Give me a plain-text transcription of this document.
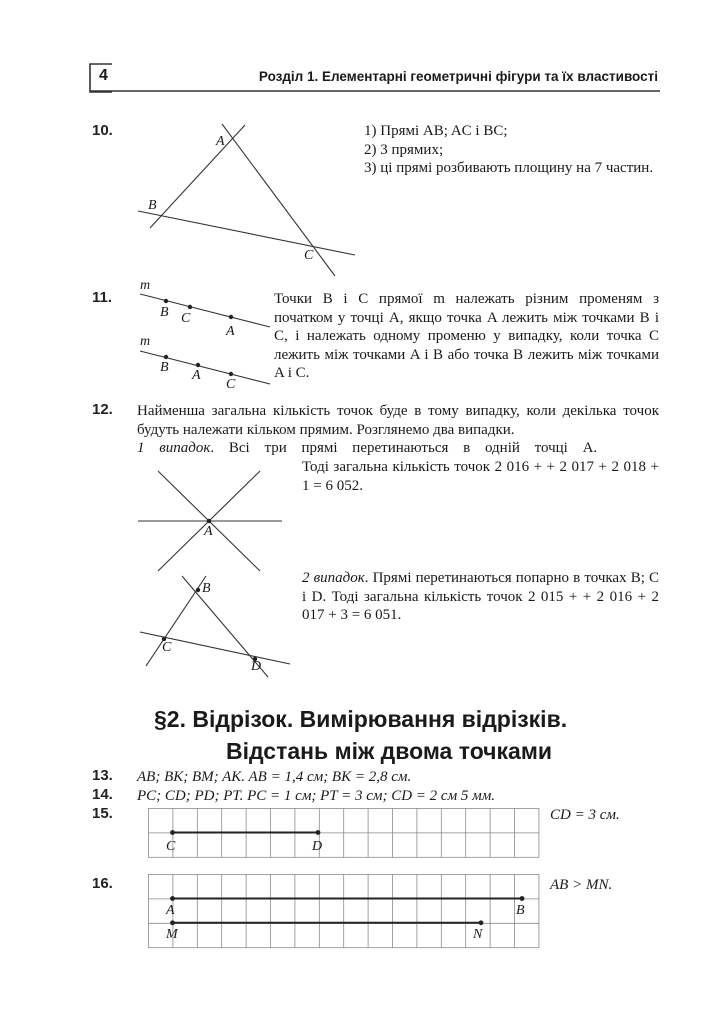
4	Розділ 1. Елементарні геометричні фігури та їх властивості
10.
A
B
C
1) Прямі AB; AC і BC;
2) 3 прямих;
3) ці прямі розбивають площину на 7 частин.
11.
m
B C
A
m
B
A
C
Точки B і C прямої m належать різним променям з початком у точці A, якщо точка A лежить між точками B і C, і належать одному променю у випадку, коли точка C лежить між точками A і B або точка B лежить між точками A і C.
12. Найменша загальна кількість точок буде в тому випадку, коли декілька точок будуть належати кільком прямим. Розглянемо два випадки.
1 випадок. Всі три прямі перетинаються в одній точці A.
Тоді загальна кількість точок 2 016 + + 2 017 + 2 018 + 1 = 6 052.
A
2 випадок. Прямі перетинаються попарно в точках B; C і D. Тоді загальна кількість точок 2 015 + + 2 016 + 2 017 + 3 = 6 051.
B
C
D
§2. Відрізок. Вимірювання відрізків.
Відстань між двома точками
13. AB; BK; BM; AK. AB = 1,4 см; BK = 2,8 см.
14. PC; CD; PD; PT. PC = 1 см; PT = 3 см; CD = 2 см 5 мм.
15.
C	D
CD = 3 см.
16.
A	B
M	N
AB > MN.
